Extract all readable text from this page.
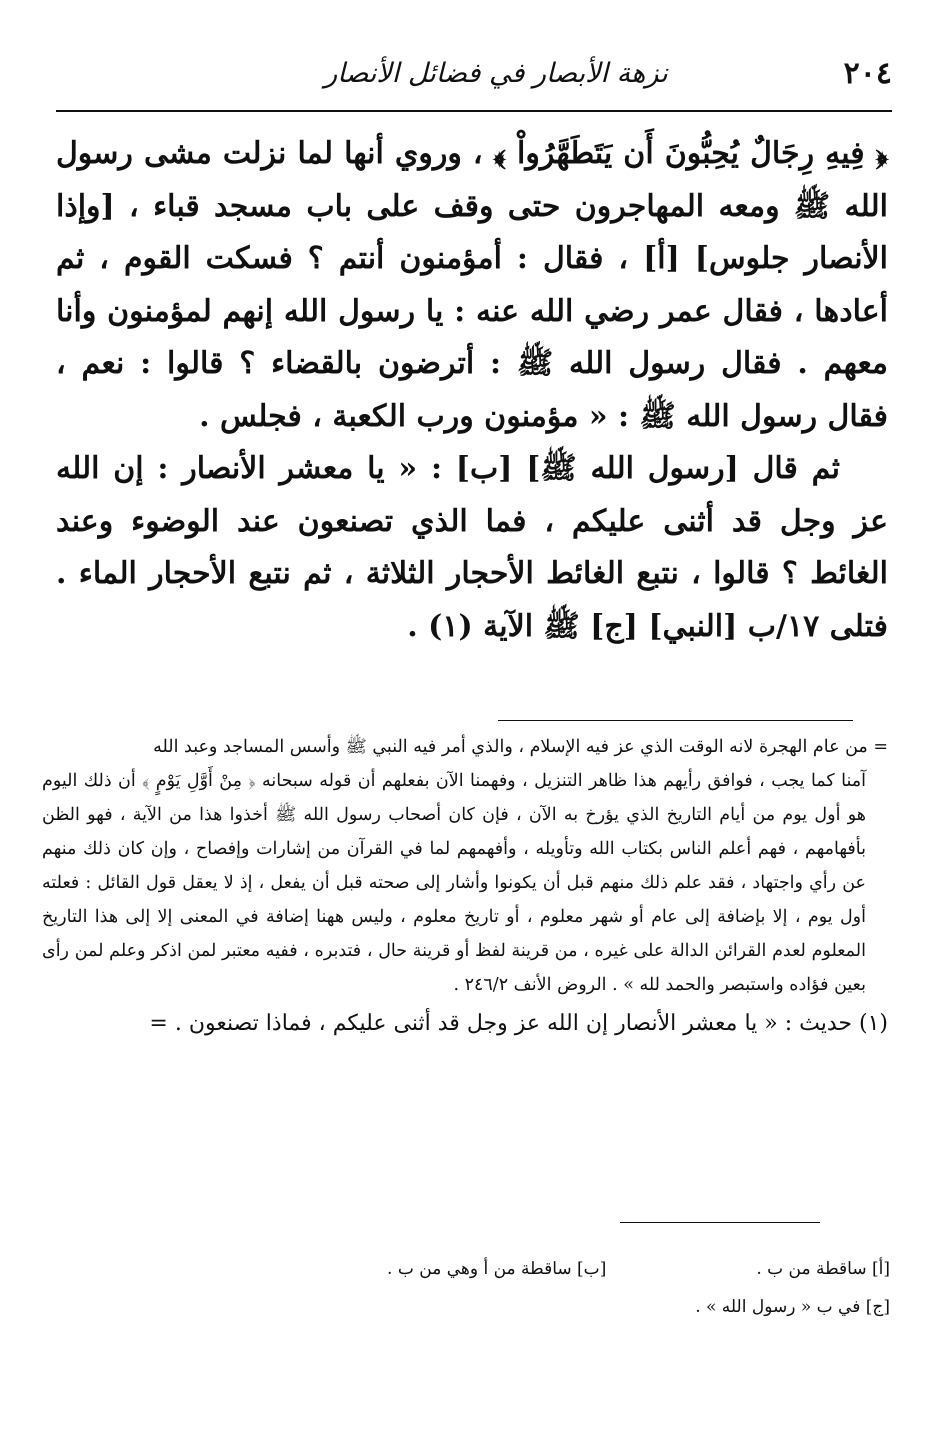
٢٠٤
نزهة الأبصار في فضائل الأنصار

﴿ فِيهِ رِجَالٌ يُحِبُّونَ أَن يَتَطَهَّرُواْ ﴾ ، وروي أنها لما نزلت مشى رسول الله ﷺ ومعه المهاجرون حتى وقف على باب مسجد قباء ، [وإذا الأنصار جلوس] [أ] ، فقال : أمؤمنون أنتم ؟ فسكت القوم ، ثم أعادها ، فقال عمر رضي الله عنه : يا رسول الله إنهم لمؤمنون وأنا معهم . فقال رسول الله ﷺ : أترضون بالقضاء ؟ قالوا : نعم ، فقال رسول الله ﷺ : « مؤمنون ورب الكعبة ، فجلس .

ثم قال [رسول الله ﷺ] [ب] : « يا معشر الأنصار : إن الله عز وجل قد أثنى عليكم ، فما الذي تصنعون عند الوضوء وعند الغائط ؟ قالوا ، نتبع الغائط الأحجار الثلاثة ، ثم نتبع الأحجار الماء . فتلى ١٧/ب [النبي] [ج] ﷺ الآية (١) .

= من عام الهجرة لانه الوقت الذي عز فيه الإسلام ، والذي أمر فيه النبي ﷺ وأسس المساجد وعبد الله

آمنا كما يجب ، فوافق رأيهم هذا ظاهر التنزيل ، وفهمنا الآن بفعلهم أن قوله سبحانه ﴿ مِنْ أَوَّلِ يَوْمٍ ﴾ أن ذلك اليوم هو أول يوم من أيام التاريخ الذي يؤرخ به الآن ، فإن كان أصحاب رسول الله ﷺ أخذوا هذا من الآية ، فهو الظن بأفهامهم ، فهم أعلم الناس بكتاب الله وتأويله ، وأفهمهم لما في القرآن من إشارات وإفصاح ، وإن كان ذلك منهم عن رأي واجتهاد ، فقد علم ذلك منهم قبل أن يكونوا وأشار إلى صحته قبل أن يفعل ، إذ لا يعقل قول القائل : فعلته أول يوم ، إلا بإضافة إلى عام أو شهر معلوم ، أو تاريخ معلوم ، وليس ههنا إضافة في المعنى إلا إلى هذا التاريخ المعلوم لعدم القرائن الدالة على غيره ، من قرينة لفظ أو قرينة حال ، فتدبره ، ففيه معتبر لمن اذكر وعلم لمن رأى بعين فؤاده واستبصر والحمد لله » . الروض الأنف ٢٤٦/٢ .

(١) حديث : « يا معشر الأنصار إن الله عز وجل قد أثنى عليكم ، فماذا تصنعون . =

[أ] ساقطة من ب .
[ب] ساقطة من أ وهي من ب .
[ج] في ب « رسول الله » .
